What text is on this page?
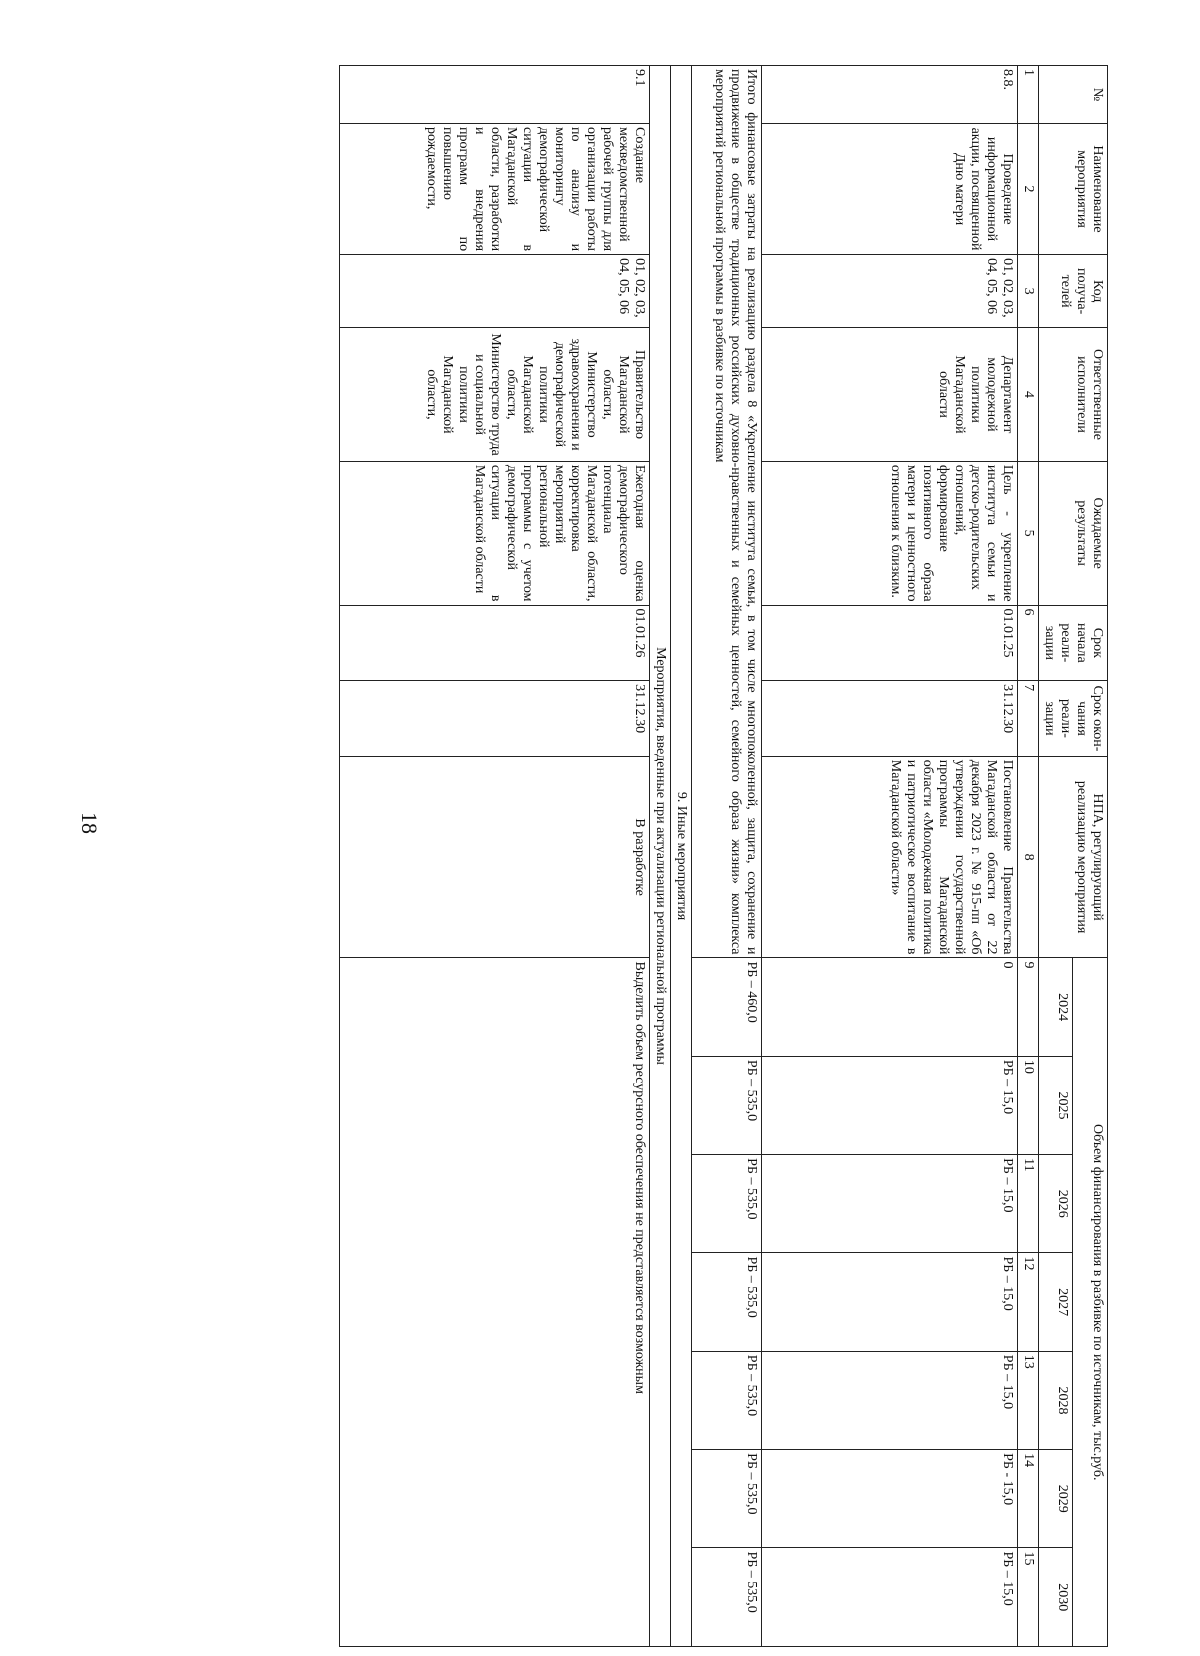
18
№	Наименование мероприятия	Код получа-телей	Ответственные исполнители	Ожидаемые результаты	Срок начала реали-зации	Срок окон-чания реали-зации	НПА, регулирующий реализацию мероприятия	Объем финансирования в разбивке по источникам, тыс.руб.						
								2024	2025	2026	2027	2028	2029	2030
1	2	3	4	5	6	7	8	9	10	11	12	13	14	15
8.8.	Проведение информационной акции, посвященной Дню матери	01, 02, 03, 04, 05, 06	Департамент молодежной политики Магаданской области	Цель - укрепление института семьи и детско-родительских отношений, формирование позитивного образа матери и ценностного отношения к близким.	01.01.25	31.12.30	Постановление Правительства Магаданской области от 22 декабря 2023 г. № 915-пп «Об утверждении государственной программы Магаданской области «Молодежная политика и патриотическое воспитание в Магаданской области»	0	РБ – 15,0	РБ – 15,0	РБ – 15,0	РБ – 15,0	РБ - 15,0	РБ – 15,0
Итого финансовые затраты на реализацию раздела 8 «Укрепление института семьи, в том числе многопоколенной, защита, сохранение и продвижение в обществе традиционных российских духовно-нравственных и семейных ценностей, семейного образа жизни» комплекса мероприятий региональной программы в разбивке по источникам								РБ – 460,0	РБ – 535,0	РБ – 535,0	РБ – 535,0	РБ – 535,0	РБ – 535,0	РБ – 535,0
9. Иные мероприятия														
Мероприятия, введенные при актуализации региональной программы														
9.1	Создание межведомственной рабочей группы для организации работы по анализу и мониторингу демографической ситуации в Магаданской области, разработки и внедрения программ по повышению рождаемости,	01, 02, 03, 04, 05, 06	Правительство Магаданской области, Министерство здравоохранения и демографической политики Магаданской области, Министерство труда и социальной политики Магаданской области,	Ежегодная оценка демографического потенциала Магаданской области, корректировка мероприятий региональной программы с учетом демографической ситуации в Магаданской области	01.01.26	31.12.30	В разработке	Выделить объем ресурсного обеспечения не представляется возможным						
